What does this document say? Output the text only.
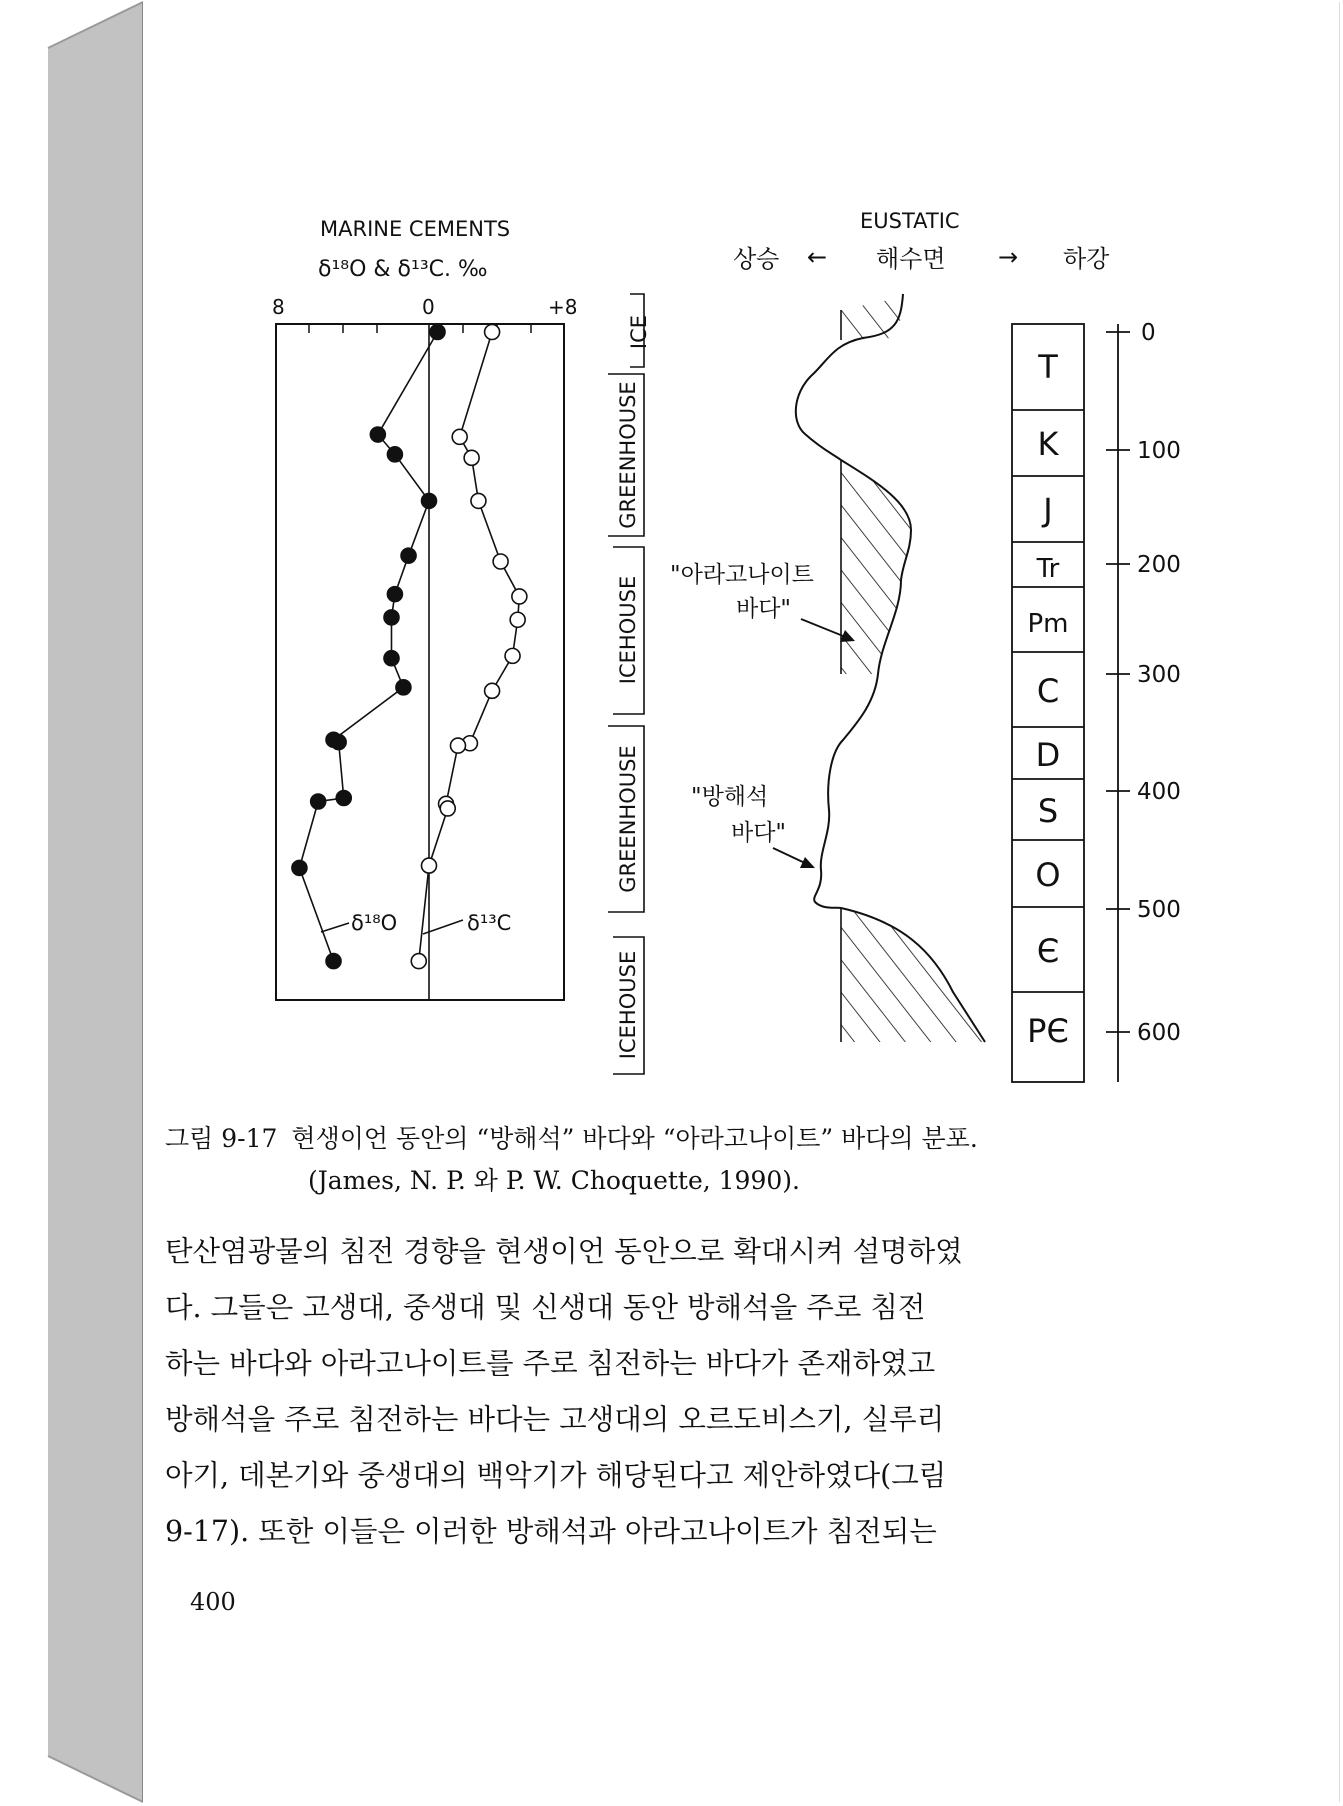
MARINE CEMENTS
δ¹⁸O & δ¹³C. ‰
8	0	+8
δ¹⁸O	δ¹³C
ICE
GREENHOUSE
ICEHOUSE
GREENHOUSE
ICEHOUSE
EUSTATIC
상승 ← 해수면 → 하강
"아라고나이트
바다"
"방해석
바다"
T
K
J
Tr
Pm
C
D
S
O
Є
PЄ
0
100
200
300
400
500
600
그림 9-17 현생이언 동안의 “방해석” 바다와 “아라고나이트” 바다의 분포.
(James, N. P. 와 P. W. Choquette, 1990).

탄산염광물의 침전 경향을 현생이언 동안으로 확대시켜 설명하였

다. 그들은 고생대, 중생대 및 신생대 동안 방해석을 주로 침전

하는 바다와 아라고나이트를 주로 침전하는 바다가 존재하였고

방해석을 주로 침전하는 바다는 고생대의 오르도비스기, 실루리

아기, 데본기와 중생대의 백악기가 해당된다고 제안하였다(그림

9-17). 또한 이들은 이러한 방해석과 아라고나이트가 침전되는

400
